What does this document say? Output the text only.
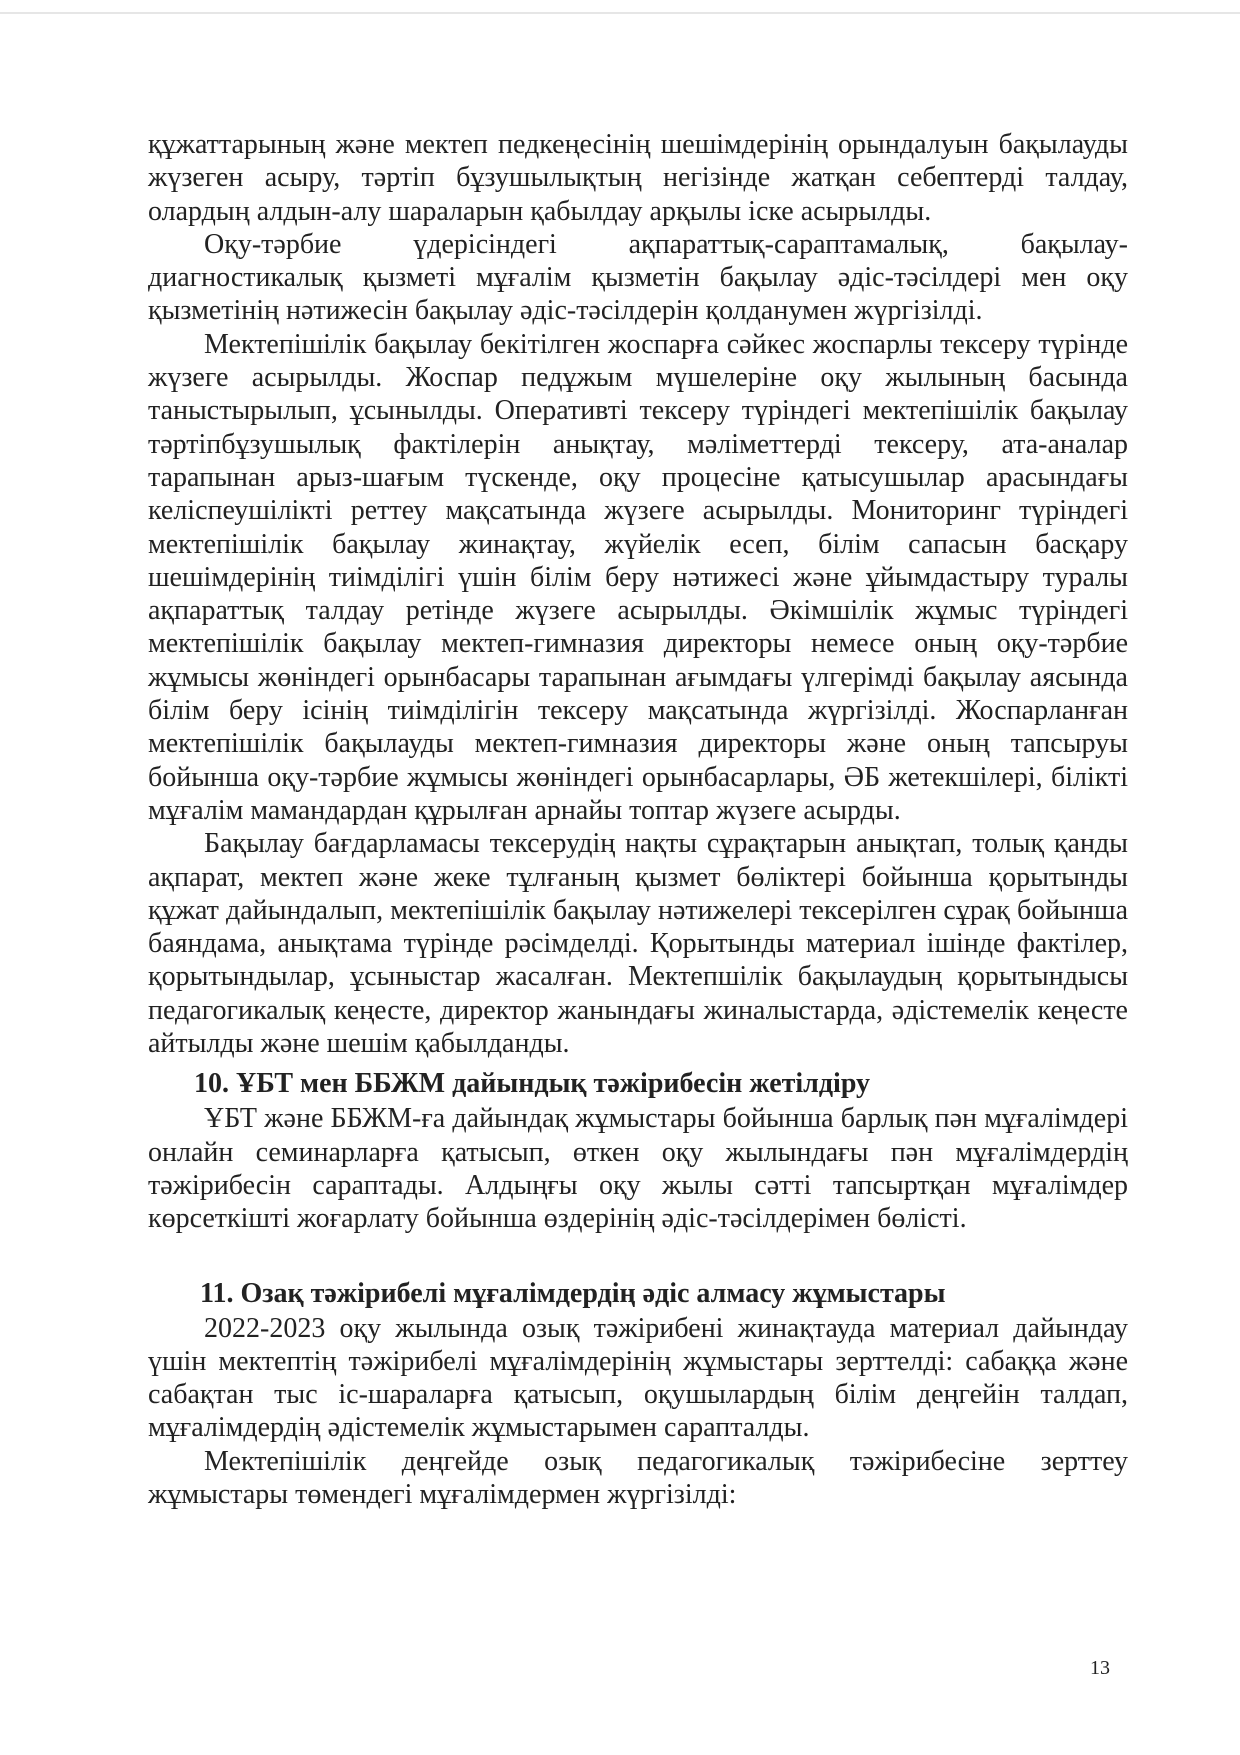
құжаттарының және мектеп педкеңесінің шешімдерінің орындалуын бақылауды жүзеген асыру, тәртіп бұзушылықтың негізінде жатқан себептерді талдау, олардың алдын-алу шараларын қабылдау арқылы іске асырылды.

Оқу-тәрбие үдерісіндегі ақпараттық-сараптамалық, бақылау-диагностикалық қызметі мұғалім қызметін бақылау әдіс-тәсілдері мен оқу қызметінің нәтижесін бақылау әдіс-тәсілдерін қолданумен жүргізілді.

Мектепішілік бақылау бекітілген жоспарға сәйкес жоспарлы тексеру түрінде жүзеге асырылды. Жоспар педұжым мүшелеріне оқу жылының басында таныстырылып, ұсынылды. Оперативті тексеру түріндегі мектепішілік бақылау тәртіпбұзушылық фактілерін анықтау, мәліметтерді тексеру, ата-аналар тарапынан арыз-шағым түскенде, оқу процесіне қатысушылар арасындағы келіспеушілікті реттеу мақсатында жүзеге асырылды. Мониторинг түріндегі мектепішілік бақылау жинақтау, жүйелік есеп, білім сапасын басқару шешімдерінің тиімділігі үшін білім беру нәтижесі және ұйымдастыру туралы ақпараттық талдау ретінде жүзеге асырылды. Әкімшілік жұмыс түріндегі мектепішілік бақылау мектеп-гимназия директоры немесе оның оқу-тәрбие жұмысы жөніндегі орынбасары тарапынан ағымдағы үлгерімді бақылау аясында білім беру ісінің тиімділігін тексеру мақсатында жүргізілді. Жоспарланған мектепішілік бақылауды мектеп-гимназия директоры және оның тапсыруы бойынша оқу-тәрбие жұмысы жөніндегі орынбасарлары, ӘБ жетекшілері, білікті мұғалім мамандардан құрылған арнайы топтар жүзеге асырды.

Бақылау бағдарламасы тексерудің нақты сұрақтарын анықтап, толық қанды ақпарат, мектеп және жеке тұлғаның қызмет бөліктері бойынша қорытынды құжат дайындалып, мектепішілік бақылау нәтижелері тексерілген сұрақ бойынша баяндама, анықтама түрінде рәсімделді. Қорытынды материал ішінде фактілер, қорытындылар, ұсыныстар жасалған. Мектепшілік бақылаудың қорытындысы педагогикалық кеңесте, директор жанындағы жиналыстарда, әдістемелік кеңесте айтылды және шешім қабылданды.

10. ҰБТ мен ББЖМ дайындық тәжірибесін жетілдіру

ҰБТ және ББЖМ-ға дайындақ жұмыстары бойынша барлық пән мұғалімдері онлайн семинарларға қатысып, өткен оқу жылындағы пән мұғалімдердің тәжірибесін сараптады. Алдыңғы оқу жылы сәтті тапсыртқан мұғалімдер көрсеткішті жоғарлату бойынша өздерінің әдіс-тәсілдерімен бөлісті.

11. Озақ тәжірибелі мұғалімдердің әдіс алмасу жұмыстары

2022-2023 оқу жылында озық тәжірибені жинақтауда материал дайындау үшін мектептің тәжірибелі мұғалімдерінің жұмыстары зерттелді: сабаққа және сабақтан тыс іс-шараларға қатысып, оқушылардың білім деңгейін талдап, мұғалімдердің әдістемелік жұмыстарымен сарапталды.

Мектепішілік деңгейде озық педагогикалық тәжірибесіне зерттеу жұмыстары төмендегі мұғалімдермен жүргізілді:

13
